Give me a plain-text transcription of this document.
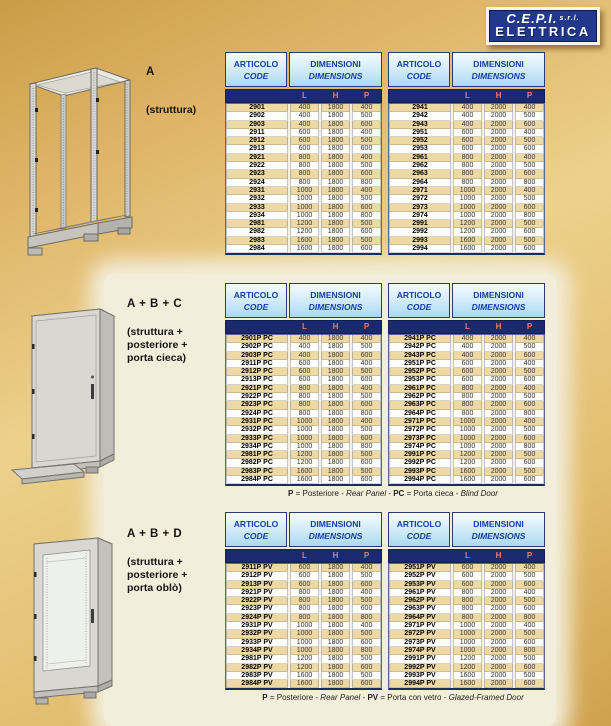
C.E.P.I. $^{s.r.l.}$
ELETTRICA
A
(struttura)
A + B + C
(struttura +
posteriore +
porta cieca)
A + B + D
(struttura +
posteriore +
porta oblò)
ARTICOLO
CODE
DIMENSIONI
DIMENSIONS
L	H	P
2901	400	1800	400
2902	400	1800	500
2903	400	1800	600
2911	600	1800	400
2912	600	1800	500
2913	600	1800	600
2921	800	1800	400
2922	800	1800	500
2923	800	1800	600
2924	800	1800	800
2931	1000	1800	400
2932	1000	1800	500
2933	1000	1800	600
2934	1000	1800	800
2981	1200	1800	500
2982	1200	1800	600
2983	1600	1800	500
2984	1600	1800	600
ARTICOLO
CODE
DIMENSIONI
DIMENSIONS
L	H	P
2941	400	2000	400
2942	400	2000	500
2943	400	2000	600
2951	600	2000	400
2952	600	2000	500
2953	600	2000	600
2961	800	2000	400
2962	800	2000	500
2963	800	2000	600
2964	800	2000	800
2971	1000	2000	400
2972	1000	2000	500
2973	1000	2000	600
2974	1000	2000	800
2991	1200	2000	500
2992	1200	2000	600
2993	1600	2000	500
2994	1600	2000	600
ARTICOLO
CODE
DIMENSIONI
DIMENSIONS
L	H	P
2901P PC	400	1800	400
2902P PC	400	1800	500
2903P PC	400	1800	600
2911P PC	600	1800	400
2912P PC	600	1800	500
2913P PC	600	1800	600
2921P PC	800	1800	400
2922P PC	800	1800	500
2923P PC	800	1800	600
2924P PC	800	1800	800
2931P PC	1000	1800	400
2932P PC	1000	1800	500
2933P PC	1000	1800	600
2934P PC	1000	1800	800
2981P PC	1200	1800	500
2982P PC	1200	1800	600
2983P PC	1600	1800	500
2984P PC	1600	1800	600
ARTICOLO
CODE
DIMENSIONI
DIMENSIONS
L	H	P
2941P PC	400	2000	400
2942P PC	400	2000	500
2943P PC	400	2000	600
2951P PC	600	2000	400
2952P PC	600	2000	500
2953P PC	600	2000	600
2961P PC	800	2000	400
2962P PC	800	2000	500
2963P PC	800	2000	600
2964P PC	800	2000	800
2971P PC	1000	2000	400
2972P PC	1000	2000	500
2973P PC	1000	2000	600
2974P PC	1000	2000	800
2991P PC	1200	2000	500
2992P PC	1200	2000	600
2993P PC	1600	2000	500
2994P PC	1600	2000	600
ARTICOLO
CODE
DIMENSIONI
DIMENSIONS
L	H	P
2911P PV	600	1800	400
2912P PV	600	1800	500
2913P PV	600	1800	600
2921P PV	800	1800	400
2922P PV	800	1800	500
2923P PV	800	1800	600
2924P PV	800	1800	800
2931P PV	1000	1800	400
2932P PV	1000	1800	500
2933P PV	1000	1800	600
2934P PV	1000	1800	800
2981P PV	1200	1800	500
2982P PV	1200	1800	600
2983P PV	1600	1800	500
2984P PV	1600	1800	600
ARTICOLO
CODE
DIMENSIONI
DIMENSIONS
L	H	P
2951P PV	600	2000	400
2952P PV	600	2000	500
2953P PV	600	2000	600
2961P PV	800	2000	400
2962P PV	800	2000	500
2963P PV	800	2000	600
2964P PV	800	2000	800
2971P PV	1000	2000	400
2972P PV	1000	2000	500
2973P PV	1000	2000	600
2974P PV	1000	2000	800
2991P PV	1200	2000	500
2992P PV	1200	2000	600
2993P PV	1600	2000	500
2994P PV	1600	2000	600
P = Posteriore - Rear Panel - PC = Porta cieca - Blind Door
P = Posteriore - Rear Panel - PV = Porta con vetro - Glazed-Framed Door
